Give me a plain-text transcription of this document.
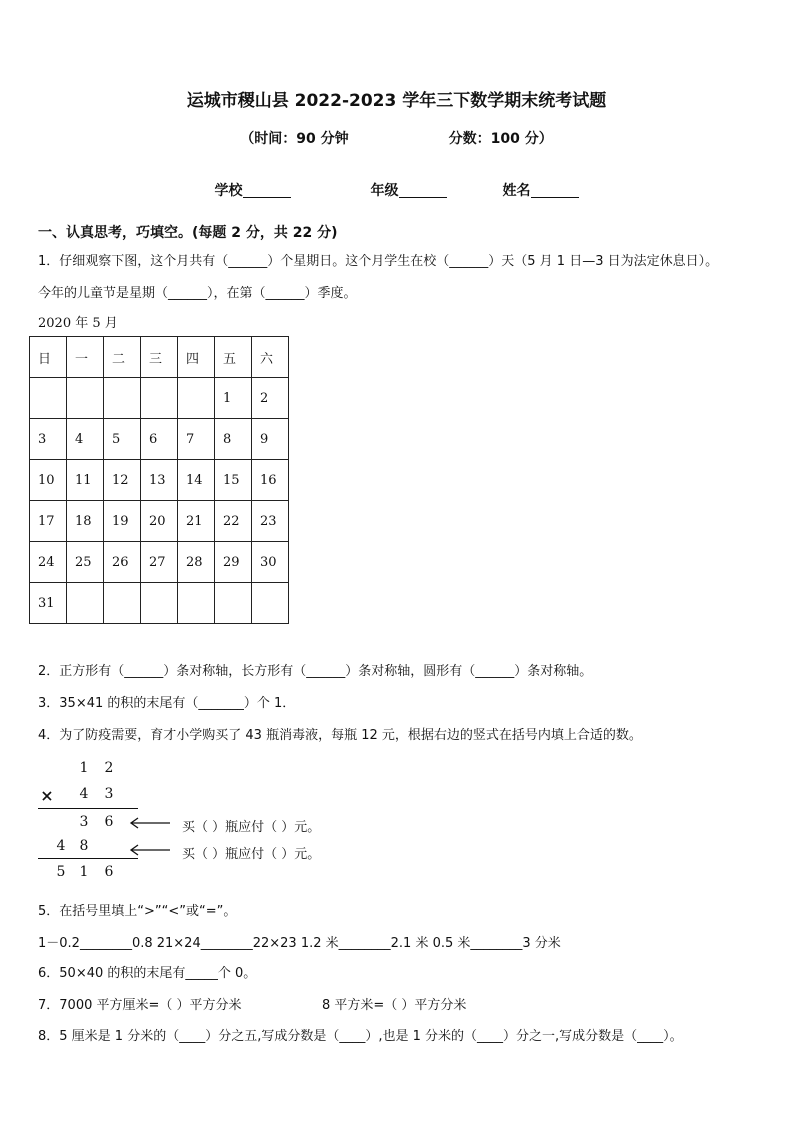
运城市稷山县 2022-2023 学年三下数学期末统考试题
（时间：90 分钟	分数：100 分）
学校	年级	姓名
一、认真思考，巧填空。(每题 2 分，共 22 分)
1．仔细观察下图，这个月共有（______）个星期日。这个月学生在校（______）天（5 月 1 日—3 日为法定休息日）。
今年的儿童节是星期（______），在第（______）季度。
2020 年 5 月
日	一	二	三	四	五	六
					1	2
3	4	5	6	7	8	9
10	11	12	13	14	15	16
17	18	19	20	21	22	23
24	25	26	27	28	29	30
31						
2．正方形有（______）条对称轴，长方形有（______）条对称轴，圆形有（______）条对称轴。
3．35×41 的积的末尾有（_______）个 1．
4．为了防疫需要，育才小学购买了 43 瓶消毒液，每瓶 12 元，根据右边的竖式在括号内填上合适的数。
1 2
× 4 3
3 6
4 8
5 1 6
买（ ）瓶应付（ ）元。
买（ ）瓶应付（ ）元。
5．在括号里填上“>”“<”或“=”。
1－0.2________0.8 21×24________22×23 1.2 米________2.1 米 0.5 米________3 分米
6．50×40 的积的末尾有_____个 0。
7．7000 平方厘米=（ ）平方分米	8 平方米=（ ）平方分米
8．5 厘米是 1 分米的（____）分之五,写成分数是（____）,也是 1 分米的（____）分之一,写成分数是（____）。
